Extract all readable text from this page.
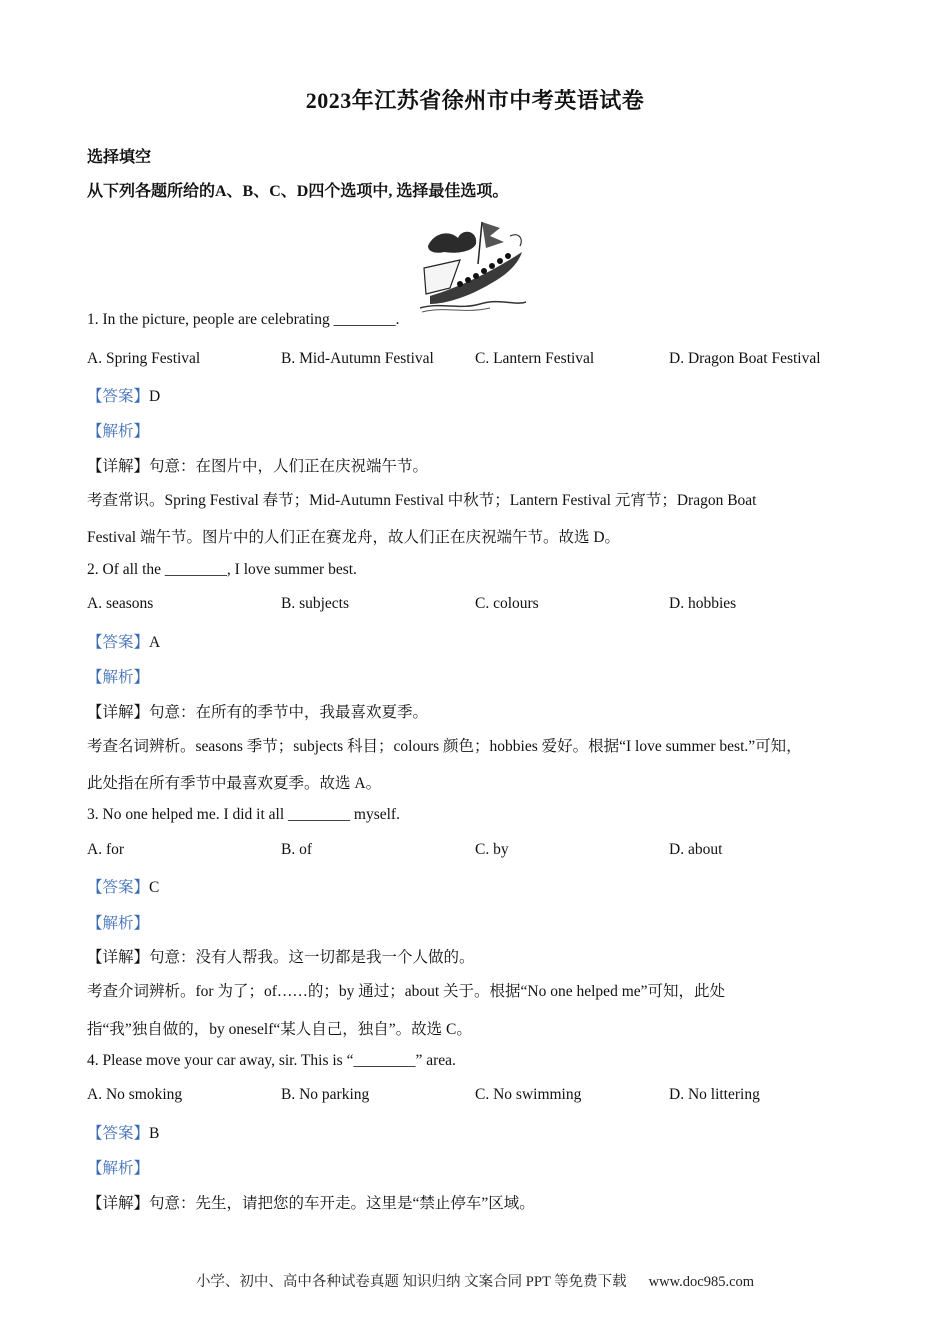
2023年江苏省徐州市中考英语试卷
选择填空
从下列各题所给的A、B、C、D四个选项中, 选择最佳选项。
1. In the picture, people are celebrating ________.
A. Spring Festival	B. Mid-Autumn Festival	C. Lantern Festival	D. Dragon Boat Festival
【答案】D
【解析】
【详解】句意：在图片中，人们正在庆祝端午节。
考查常识。Spring Festival 春节；Mid-Autumn Festival 中秋节；Lantern Festival 元宵节；Dragon Boat
Festival 端午节。图片中的人们正在赛龙舟，故人们正在庆祝端午节。故选 D。
2. Of all the ________, I love summer best.
A. seasons	B. subjects	C. colours	D. hobbies
【答案】A
【解析】
【详解】句意：在所有的季节中，我最喜欢夏季。
考查名词辨析。seasons 季节；subjects 科目；colours 颜色；hobbies 爱好。根据“I love summer best.”可知，
此处指在所有季节中最喜欢夏季。故选 A。
3. No one helped me. I did it all ________ myself.
A. for	B. of	C. by	D. about
【答案】C
【解析】
【详解】句意：没有人帮我。这一切都是我一个人做的。
考查介词辨析。for 为了；of……的；by 通过；about 关于。根据“No one helped me”可知，此处
指“我”独自做的，by oneself“某人自己，独自”。故选 C。
4. Please move your car away, sir. This is “________” area.
A. No smoking	B. No parking	C. No swimming	D. No littering
【答案】B
【解析】
【详解】句意：先生，请把您的车开走。这里是“禁止停车”区域。
小学、初中、高中各种试卷真题 知识归纳 文案合同 PPT 等免费下载 www.doc985.com
